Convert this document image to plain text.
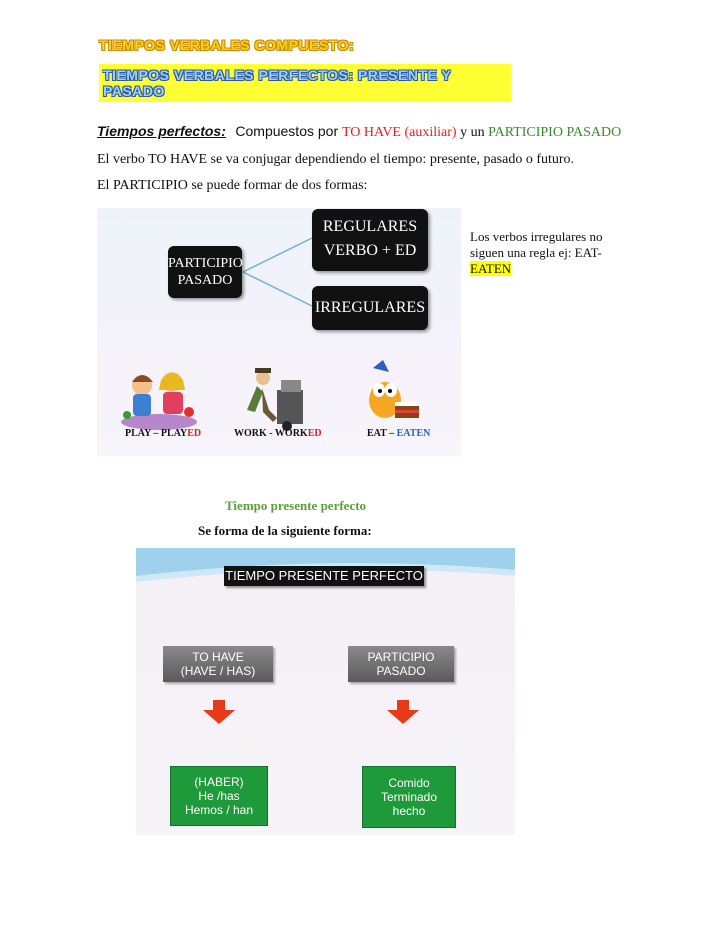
TIEMPOS VERBALES COMPUESTO:
TIEMPOS VERBALES PERFECTOS: PRESENTE Y PASADO
Tiempos perfectos: Compuestos por TO HAVE (auxiliar) y un PARTICIPIO PASADO
El verbo TO HAVE se va conjugar dependiendo el tiempo: presente, pasado o futuro.
El PARTICIPIO se puede formar de dos formas:
PARTICIPIO PASADO
REGULARES
VERBO + ED
IRREGULARES
PLAY – PLAYED	WORK - WORKED	EAT – EATEN
Los verbos irregulares no siguen una regla ej: EAT-EATEN
Tiempo presente perfecto
Se forma de la siguiente forma:
TIEMPO PRESENTE PERFECTO
TO HAVE
(HAVE / HAS)
PARTICIPIO
PASADO
(HABER)
He /has
Hemos / han
Comido
Terminado
hecho
